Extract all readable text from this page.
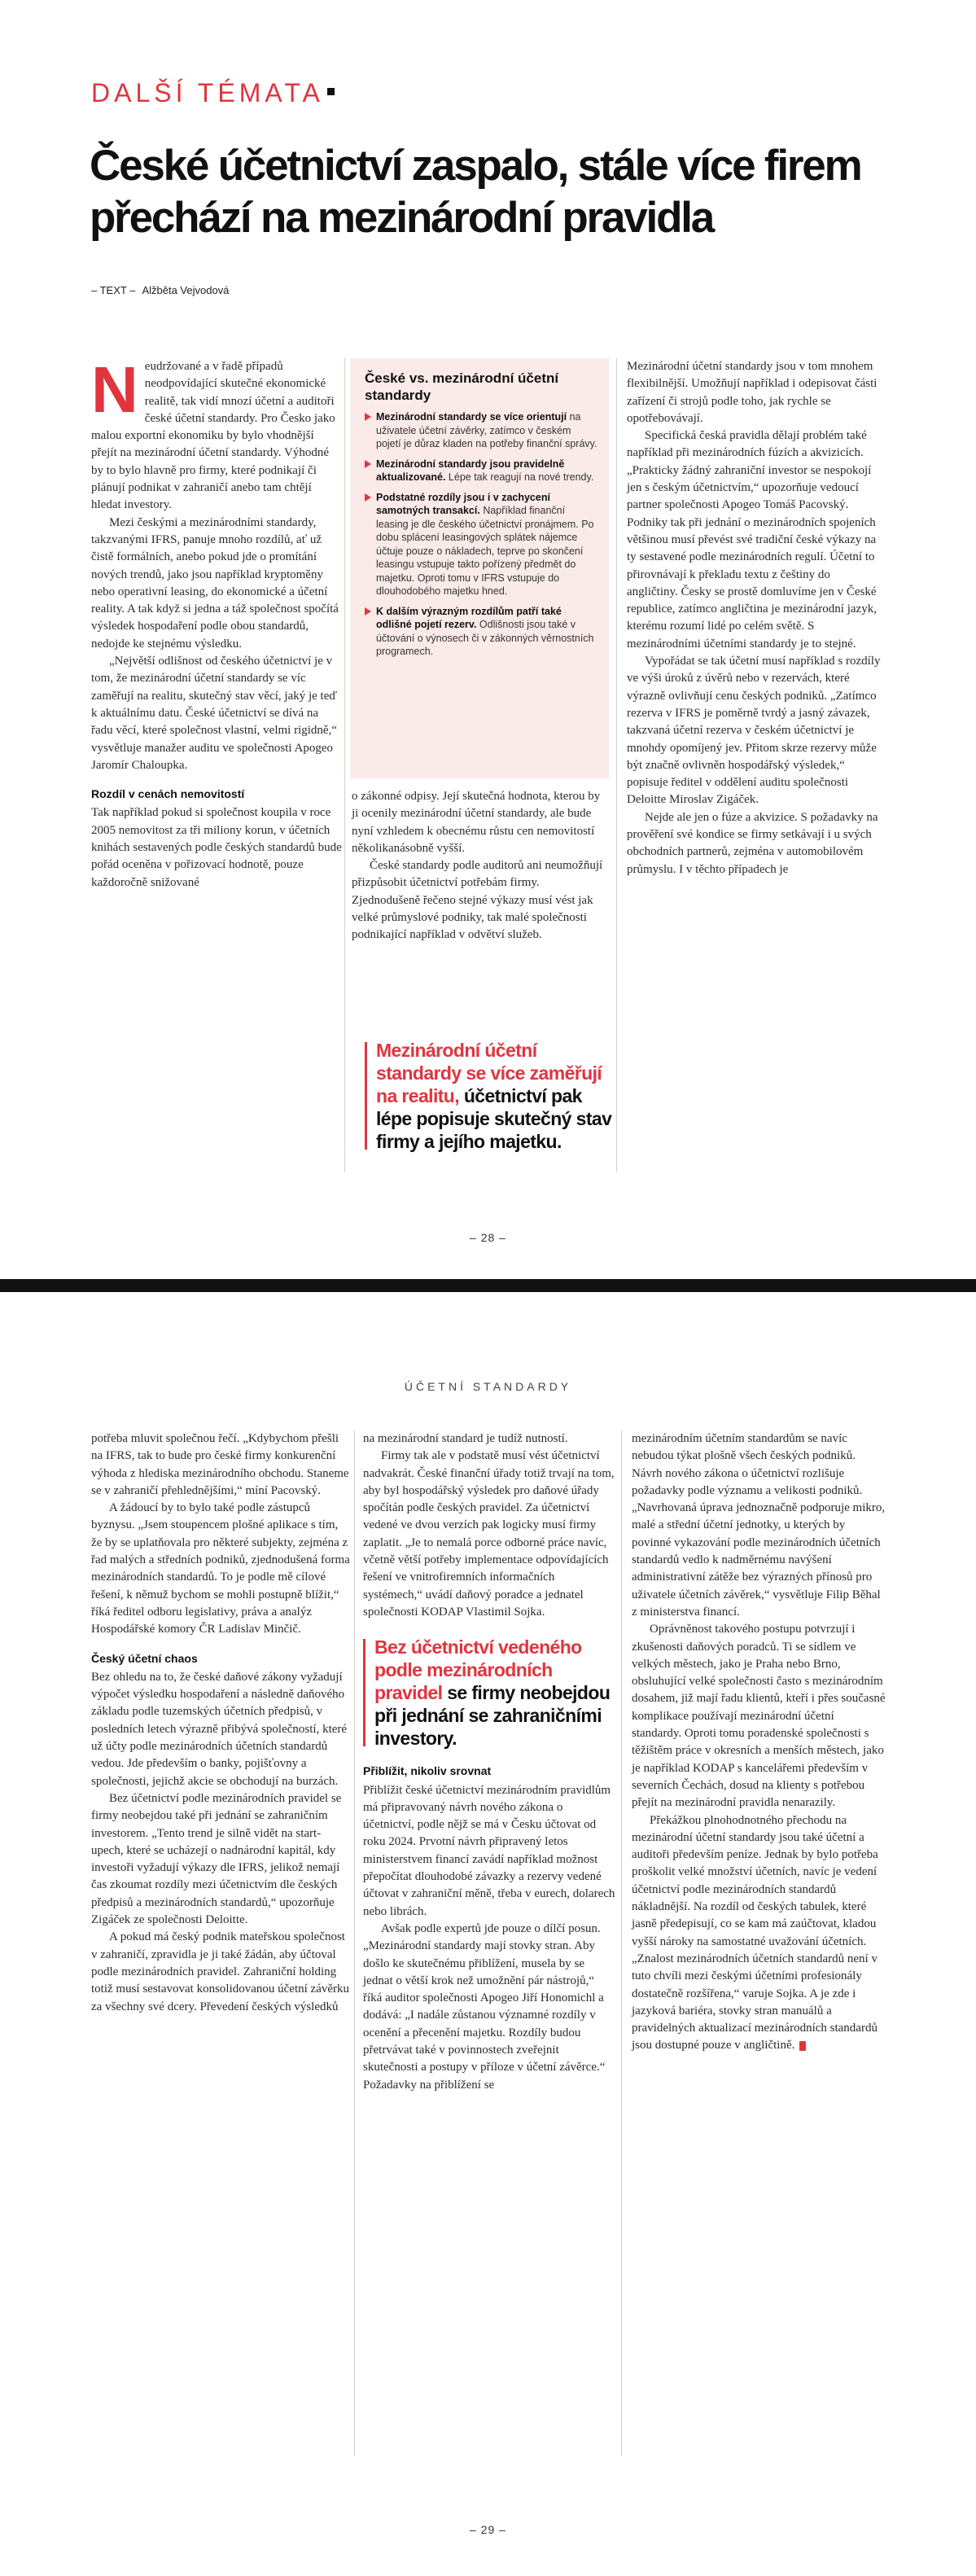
DALŠÍ TÉMATA
České účetnictví zaspalo, stále více firem přechází na mezinárodní pravidla
– TEXT – Alžběta Vejvodová

Neudržované a v řadě případů neodpovídající skutečné ekonomické realitě, tak vidí mnozí účetní a auditoři české účetní standardy. Pro Česko jako malou exportní ekonomiku by bylo vhodnější přejít na mezinárodní účetní standardy. Výhodné by to bylo hlavně pro firmy, které podnikají či plánují podnikat v zahraničí anebo tam chtějí hledat investory.

Mezi českými a mezinárodními standardy, takzvanými IFRS, panuje mnoho rozdílů, ať už čistě formálních, anebo pokud jde o promítání nových trendů, jako jsou například kryptoměny nebo operativní leasing, do ekonomické a účetní reality. A tak když si jedna a táž společnost spočítá výsledek hospodaření podle obou standardů, nedojde ke stejnému výsledku.

„Největší odlišnost od českého účetnictví je v tom, že mezinárodní účetní standardy se víc zaměřují na realitu, skutečný stav věcí, jaký je teď k aktuálnímu datu. České účetnictví se dívá na řadu věcí, které společnost vlastní, velmi rigidně,“ vysvětluje manažer auditu ve společnosti Apogeo Jaromír Chaloupka.

Rozdíl v cenách nemovitostí

Tak například pokud si společnost koupila v roce 2005 nemovitost za tři miliony korun, v účetních knihách sestavených podle českých standardů bude pořád oceněna v pořizovací hodnotě, pouze každoročně snižované

České vs. mezinárodní účetní standardy
Mezinárodní standardy se více orientují na uživatele účetní závěrky, zatímco v českém pojetí je důraz kladen na potřeby finanční správy.
Mezinárodní standardy jsou pravidelně aktualizované. Lépe tak reagují na nové trendy.
Podstatné rozdíly jsou i v zachycení samotných transakcí. Například finanční leasing je dle českého účetnictví pronájmem. Po dobu splácení leasingových splátek nájemce účtuje pouze o nákladech, teprve po skončení leasingu vstupuje takto pořízený předmět do majetku. Oproti tomu v IFRS vstupuje do dlouhodobého majetku hned.
K dalším výrazným rozdílům patří také odlišné pojetí rezerv. Odlišnosti jsou také v účtování o výnosech či v zákonných věrnostních programech.

o zákonné odpisy. Její skutečná hodnota, kterou by ji ocenily mezinárodní účetní standardy, ale bude nyní vzhledem k obecnému růstu cen nemovitostí několikanásobně vyšší.

České standardy podle auditorů ani neumožňují přizpůsobit účetnictví potřebám firmy. Zjednodušeně řečeno stejné výkazy musí vést jak velké průmyslové podniky, tak malé společnosti podnikající například v odvětví služeb.

Mezinárodní účetní standardy se více zaměřují na realitu, účetnictví pak lépe popisuje skutečný stav firmy a jejího majetku.

Mezinárodní účetní standardy jsou v tom mnohem flexibilnější. Umožňují například i odepisovat části zařízení či strojů podle toho, jak rychle se opotřebovávají.

Specifická česká pravidla dělají problém také například při mezinárodních fúzích a akvizicích. „Prakticky žádný zahraniční investor se nespokojí jen s českým účetnictvím,“ upozorňuje vedoucí partner společnosti Apogeo Tomáš Pacovský. Podniky tak při jednání o mezinárodních spojeních většinou musí převést své tradiční české výkazy na ty sestavené podle mezinárodních regulí. Účetní to přirovnávají k překladu textu z češtiny do angličtiny. Česky se prostě domluvíme jen v České republice, zatímco angličtina je mezinárodní jazyk, kterému rozumí lidé po celém světě. S mezinárodními účetními standardy je to stejné.

Vypořádat se tak účetní musí například s rozdíly ve výši úroků z úvěrů nebo v rezervách, které výrazně ovlivňují cenu českých podniků. „Zatímco rezerva v IFRS je poměrně tvrdý a jasný závazek, takzvaná účetní rezerva v českém účetnictví je mnohdy opomíjený jev. Přitom skrze rezervy může být značně ovlivněn hospodářský výsledek,“ popisuje ředitel v oddělení auditu společnosti Deloitte Miroslav Zigáček.

Nejde ale jen o fúze a akvizice. S požadavky na prověření své kondice se firmy setkávají i u svých obchodních partnerů, zejména v automobilovém průmyslu. I v těchto případech je

– 28 –
ÚČETNÍ STANDARDY

potřeba mluvit společnou řečí. „Kdybychom přešli na IFRS, tak to bude pro české firmy konkurenční výhoda z hlediska mezinárodního obchodu. Staneme se v zahraničí přehlednějšími,“ míní Pacovský.

A žádoucí by to bylo také podle zástupců byznysu. „Jsem stoupencem plošné aplikace s tím, že by se uplatňovala pro některé subjekty, zejména z řad malých a středních podniků, zjednodušená forma mezinárodních standardů. To je podle mě cílové řešení, k němuž bychom se mohli postupně blížit,“ říká ředitel odboru legislativy, práva a analýz Hospodářské komory ČR Ladislav Minčič.

Český účetní chaos

Bez ohledu na to, že české daňové zákony vyžadují výpočet výsledku hospodaření a následně daňového základu podle tuzemských účetních předpisů, v posledních letech výrazně přibývá společností, které už účty podle mezinárodních účetních standardů vedou. Jde především o banky, pojišťovny a společnosti, jejichž akcie se obchodují na burzách.

Bez účetnictví podle mezinárodních pravidel se firmy neobejdou také při jednání se zahraničním investorem. „Tento trend je silně vidět na start-upech, které se ucházejí o nadnárodní kapitál, kdy investoři vyžadují výkazy dle IFRS, jelikož nemají čas zkoumat rozdíly mezi účetnictvím dle českých předpisů a mezinárodních standardů,“ upozorňuje Zigáček ze společnosti Deloitte.

A pokud má český podnik mateřskou společnost v zahraničí, zpravidla je ji také žádán, aby účtoval podle mezinárodních pravidel. Zahraniční holding totiž musí sestavovat konsolidovanou účetní závěrku za všechny své dcery. Převedení českých výsledků

na mezinárodní standard je tudíž nutností.

Firmy tak ale v podstatě musí vést účetnictví nadvakrát. České finanční úřady totiž trvají na tom, aby byl hospodářský výsledek pro daňové úřady spočítán podle českých pravidel. Za účetnictví vedené ve dvou verzích pak logicky musí firmy zaplatit. „Je to nemalá porce odborné práce navíc, včetně větší potřeby implementace odpovídajících řešení ve vnitrofiremních informačních systémech,“ uvádí daňový poradce a jednatel společnosti KODAP Vlastimil Sojka.

Bez účetnictví vedeného podle mezinárodních pravidel se firmy neobejdou při jednání se zahraničními investory.
Přiblížit, nikoliv srovnat

Přiblížit české účetnictví mezinárodním pravidlům má připravovaný návrh nového zákona o účetnictví, podle nějž se má v Česku účtovat od roku 2024. Prvotní návrh připravený letos ministerstvem financí zavádí například možnost přepočítat dlouhodobé závazky a rezervy vedené účtovat v zahraniční měně, třeba v eurech, dolarech nebo librách.

Avšak podle expertů jde pouze o dílčí posun. „Mezinárodní standardy mají stovky stran. Aby došlo ke skutečnému přiblížení, musela by se jednat o větší krok než umožnění pár nástrojů,“ říká auditor společnosti Apogeo Jiří Honomichl a dodává: „I nadále zůstanou významné rozdíly v ocenění a přecenění majetku. Rozdíly budou přetrvávat také v povinnostech zveřejnit skutečnosti a postupy v příloze v účetní závěrce.“ Požadavky na přiblížení se

mezinárodním účetním standardům se navíc nebudou týkat plošně všech českých podniků. Návrh nového zákona o účetnictví rozlišuje požadavky podle významu a velikosti podniků. „Navrhovaná úprava jednoznačně podporuje mikro, malé a střední účetní jednotky, u kterých by povinné vykazování podle mezinárodních účetních standardů vedlo k nadměrnému navýšení administrativní zátěže bez výrazných přínosů pro uživatele účetních závěrek,“ vysvětluje Filip Běhal z ministerstva financí.

Oprávněnost takového postupu potvrzují i zkušenosti daňových poradců. Ti se sídlem ve velkých městech, jako je Praha nebo Brno, obsluhující velké společnosti často s mezinárodním dosahem, již mají řadu klientů, kteří i přes současné komplikace používají mezinárodní účetní standardy. Oproti tomu poradenské společnosti s těžištěm práce v okresních a menších městech, jako je například KODAP s kancelářemi především v severních Čechách, dosud na klienty s potřebou přejít na mezinárodní pravidla nenarazily.

Překážkou plnohodnotného přechodu na mezinárodní účetní standardy jsou také účetní a auditoři především peníze. Jednak by bylo potřeba proškolit velké množství účetních, navíc je vedení účetnictví podle mezinárodních standardů nákladnější. Na rozdíl od českých tabulek, které jasně předepisují, co se kam má zaúčtovat, kladou vyšší nároky na samostatné uvažování účetních. „Znalost mezinárodních účetních standardů není v tuto chvíli mezi českými účetními profesionály dostatečně rozšířena,“ varuje Sojka. A je zde i jazyková bariéra, stovky stran manuálů a pravidelných aktualizací mezinárodních standardů jsou dostupné pouze v angličtině.

– 29 –
